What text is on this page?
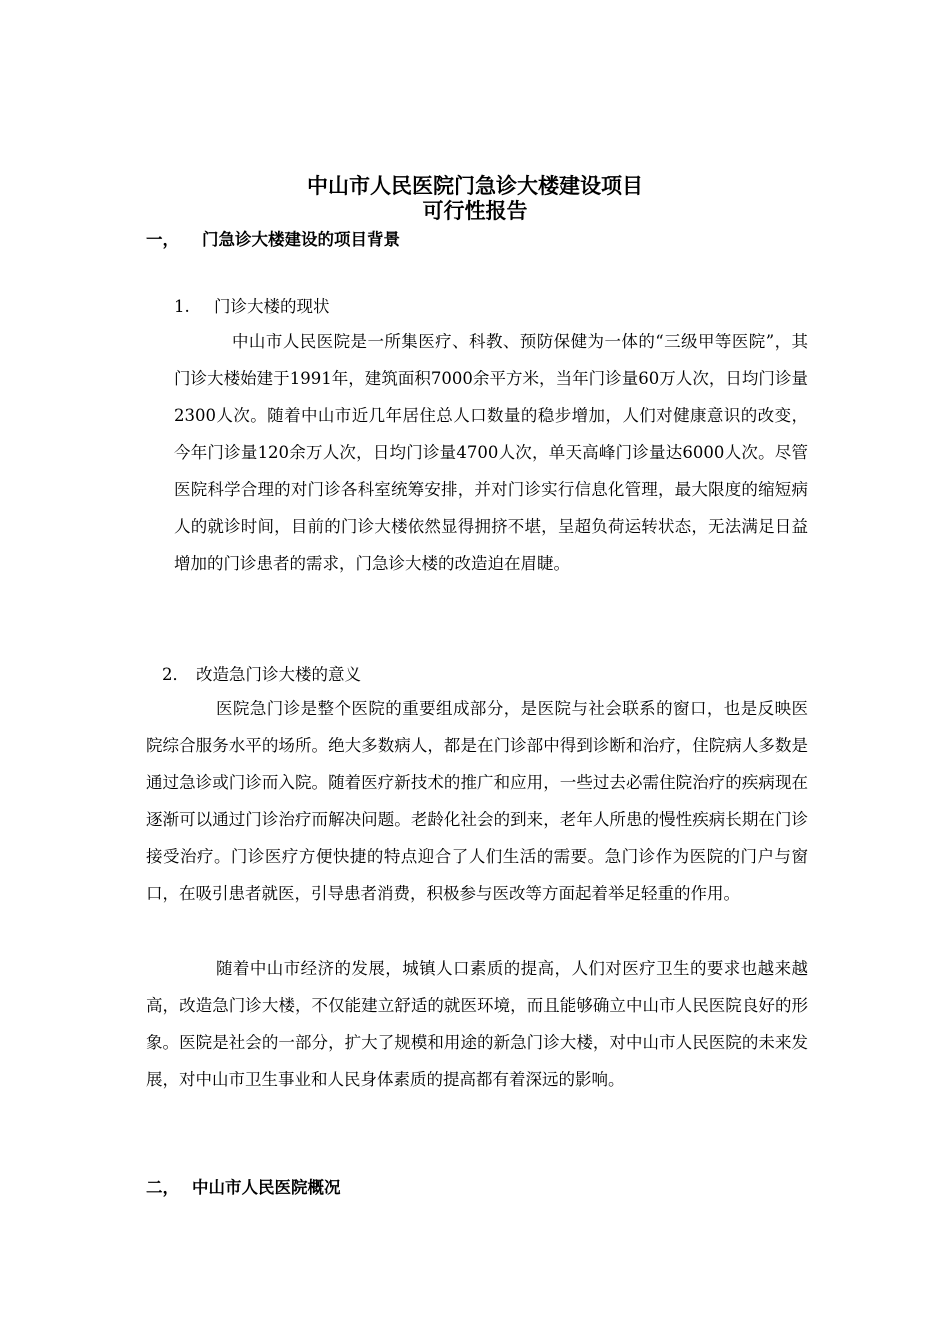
中山市人民医院门急诊大楼建设项目
可行性报告
一， 门急诊大楼建设的项目背景
1. 门诊大楼的现状

中山市人民医院是一所集医疗、科教、预防保健为一体的“三级甲等医院”，其门诊大楼始建于1991年，建筑面积7000余平方米，当年门诊量60万人次，日均门诊量2300人次。随着中山市近几年居住总人口数量的稳步增加，人们对健康意识的改变，今年门诊量120余万人次，日均门诊量4700人次，单天高峰门诊量达6000人次。尽管医院科学合理的对门诊各科室统筹安排，并对门诊实行信息化管理，最大限度的缩短病人的就诊时间，目前的门诊大楼依然显得拥挤不堪，呈超负荷运转状态，无法满足日益增加的门诊患者的需求，门急诊大楼的改造迫在眉睫。

2． 改造急门诊大楼的意义

医院急门诊是整个医院的重要组成部分，是医院与社会联系的窗口，也是反映医院综合服务水平的场所。绝大多数病人，都是在门诊部中得到诊断和治疗，住院病人多数是通过急诊或门诊而入院。随着医疗新技术的推广和应用，一些过去必需住院治疗的疾病现在逐渐可以通过门诊治疗而解决问题。老龄化社会的到来，老年人所患的慢性疾病长期在门诊接受治疗。门诊医疗方便快捷的特点迎合了人们生活的需要。急门诊作为医院的门户与窗口，在吸引患者就医，引导患者消费，积极参与医改等方面起着举足轻重的作用。

随着中山市经济的发展，城镇人口素质的提高，人们对医疗卫生的要求也越来越高，改造急门诊大楼，不仅能建立舒适的就医环境，而且能够确立中山市人民医院良好的形象。医院是社会的一部分，扩大了规模和用途的新急门诊大楼，对中山市人民医院的未来发展，对中山市卫生事业和人民身体素质的提高都有着深远的影响。

二， 中山市人民医院概况
